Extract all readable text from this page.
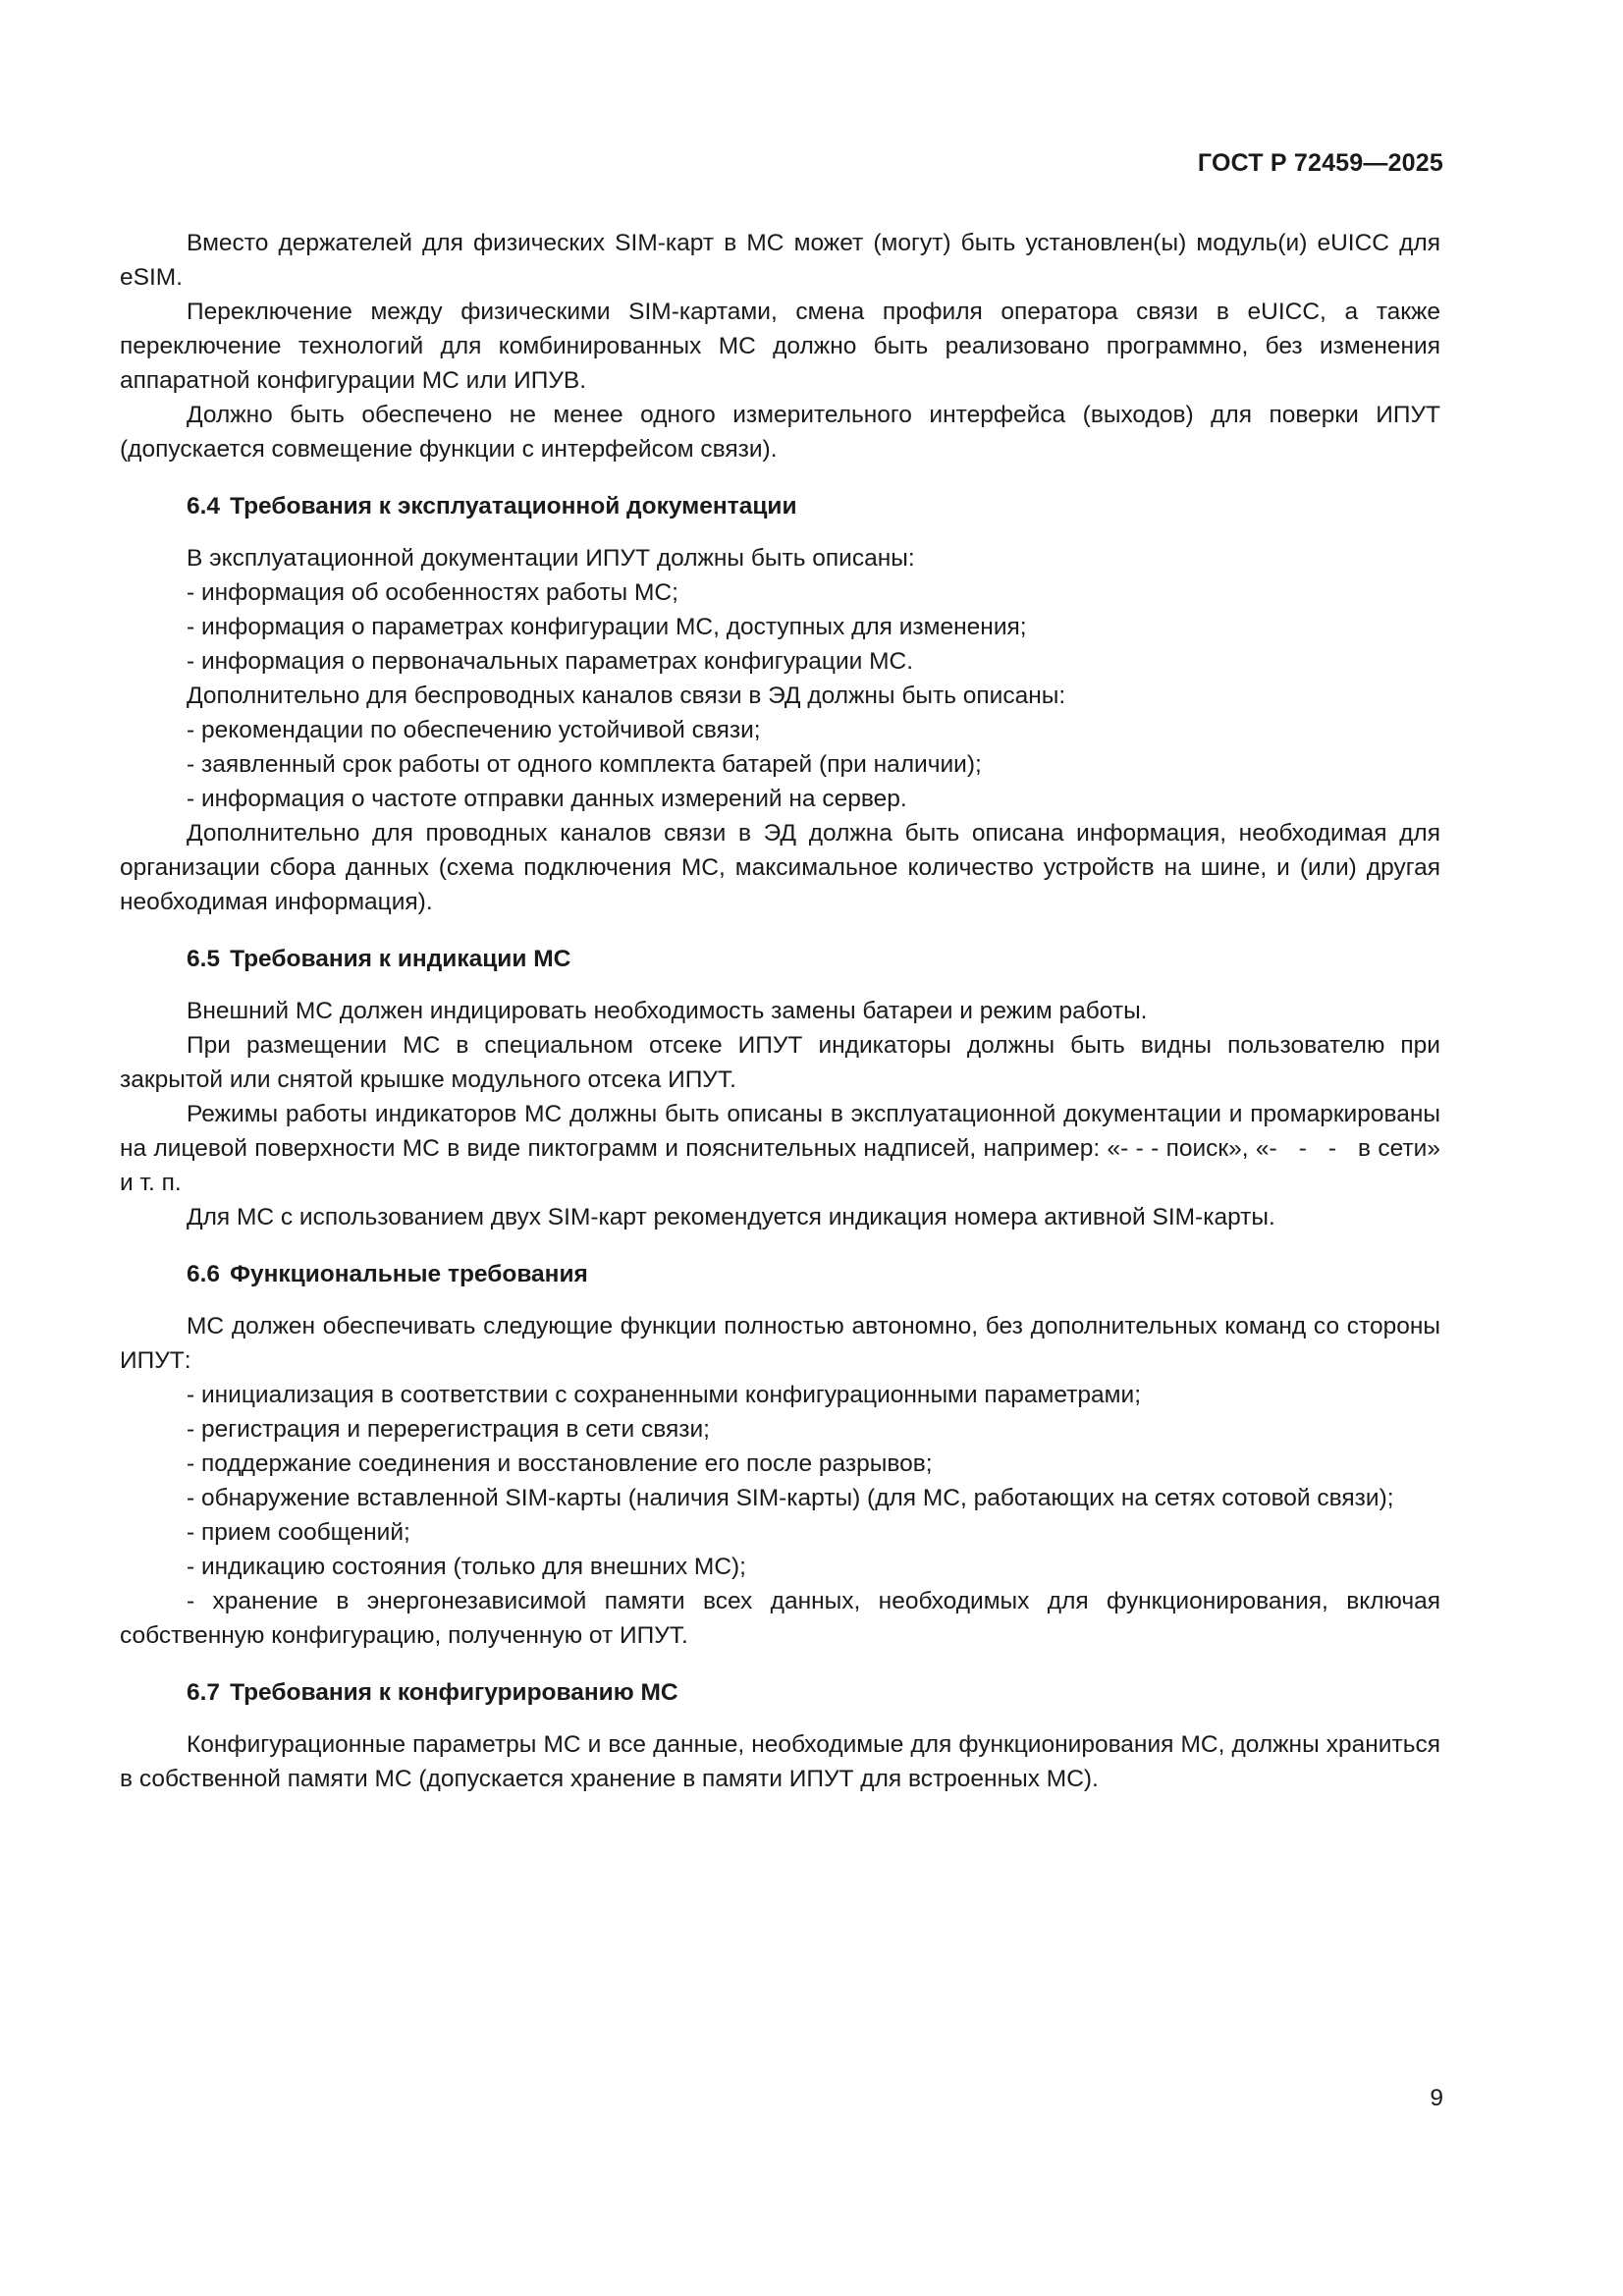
ГОСТ Р 72459—2025

Вместо держателей для физических SIM-карт в МС может (могут) быть установлен(ы) модуль(и) eUICC для eSIM.

Переключение между физическими SIM-картами, смена профиля оператора связи в eUICC, а также переключение технологий для комбинированных МС должно быть реализовано программно, без изменения аппаратной конфигурации МС или ИПУВ.

Должно быть обеспечено не менее одного измерительного интерфейса (выходов) для поверки ИПУТ (допускается совмещение функции с интерфейсом связи).

6.4 Требования к эксплуатационной документации

В эксплуатационной документации ИПУТ должны быть описаны:

- информация об особенностях работы МС;

- информация о параметрах конфигурации МС, доступных для изменения;

- информация о первоначальных параметрах конфигурации МС.

Дополнительно для беспроводных каналов связи в ЭД должны быть описаны:

- рекомендации по обеспечению устойчивой связи;

- заявленный срок работы от одного комплекта батарей (при наличии);

- информация о частоте отправки данных измерений на сервер.

Дополнительно для проводных каналов связи в ЭД должна быть описана информация, необходимая для организации сбора данных (схема подключения МС, максимальное количество устройств на шине, и (или) другая необходимая информация).

6.5 Требования к индикации МС

Внешний МС должен индицировать необходимость замены батареи и режим работы.

При размещении МС в специальном отсеке ИПУТ индикаторы должны быть видны пользователю при закрытой или снятой крышке модульного отсека ИПУТ.

Режимы работы индикаторов МС должны быть описаны в эксплуатационной документации и промаркированы на лицевой поверхности МС в виде пиктограмм и пояснительных надписей, например: «- - - поиск», «-   -   -   в сети» и т. п.

Для МС с использованием двух SIM-карт рекомендуется индикация номера активной SIM-карты.

6.6 Функциональные требования

МС должен обеспечивать следующие функции полностью автономно, без дополнительных команд со стороны ИПУТ:

- инициализация в соответствии с сохраненными конфигурационными параметрами;

- регистрация и перерегистрация в сети связи;

- поддержание соединения и восстановление его после разрывов;

- обнаружение вставленной SIM-карты (наличия SIM-карты) (для МС, работающих на сетях сотовой связи);

- прием сообщений;

- индикацию состояния (только для внешних МС);

- хранение в энергонезависимой памяти всех данных, необходимых для функционирования, включая собственную конфигурацию, полученную от ИПУТ.

6.7 Требования к конфигурированию МС

Конфигурационные параметры МС и все данные, необходимые для функционирования МС, должны храниться в собственной памяти МС (допускается хранение в памяти ИПУТ для встроенных МС).

9
